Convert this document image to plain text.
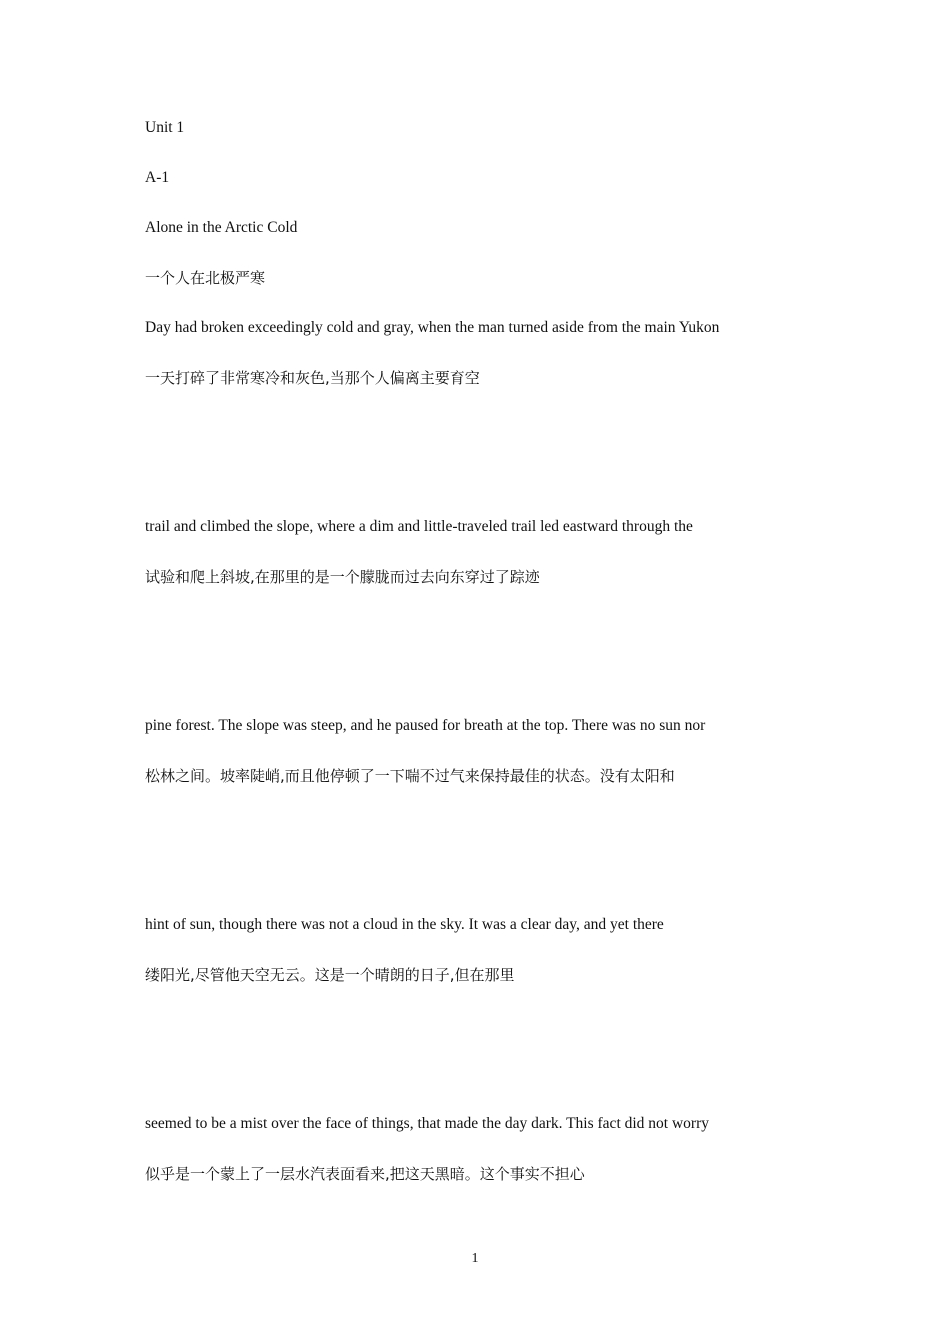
Unit 1
A-1
Alone in the Arctic Cold
一个人在北极严寒
Day had broken exceedingly cold and gray, when the man turned aside from the main Yukon
一天打碎了非常寒冷和灰色,当那个人偏离主要育空
trail and climbed the slope, where a dim and little-traveled trail led eastward through the
试验和爬上斜坡,在那里的是一个朦胧而过去向东穿过了踪迹
pine forest. The slope was steep, and he paused for breath at the top. There was no sun nor
松林之间。坡率陡峭,而且他停顿了一下喘不过气来保持最佳的状态。没有太阳和
hint of sun, though there was not a cloud in the sky. It was a clear day, and yet there
缕阳光,尽管他天空无云。这是一个晴朗的日子,但在那里
seemed to be a mist over the face of things, that made the day dark. This fact did not worry
似乎是一个蒙上了一层水汽表面看来,把这天黑暗。这个事实不担心
1
